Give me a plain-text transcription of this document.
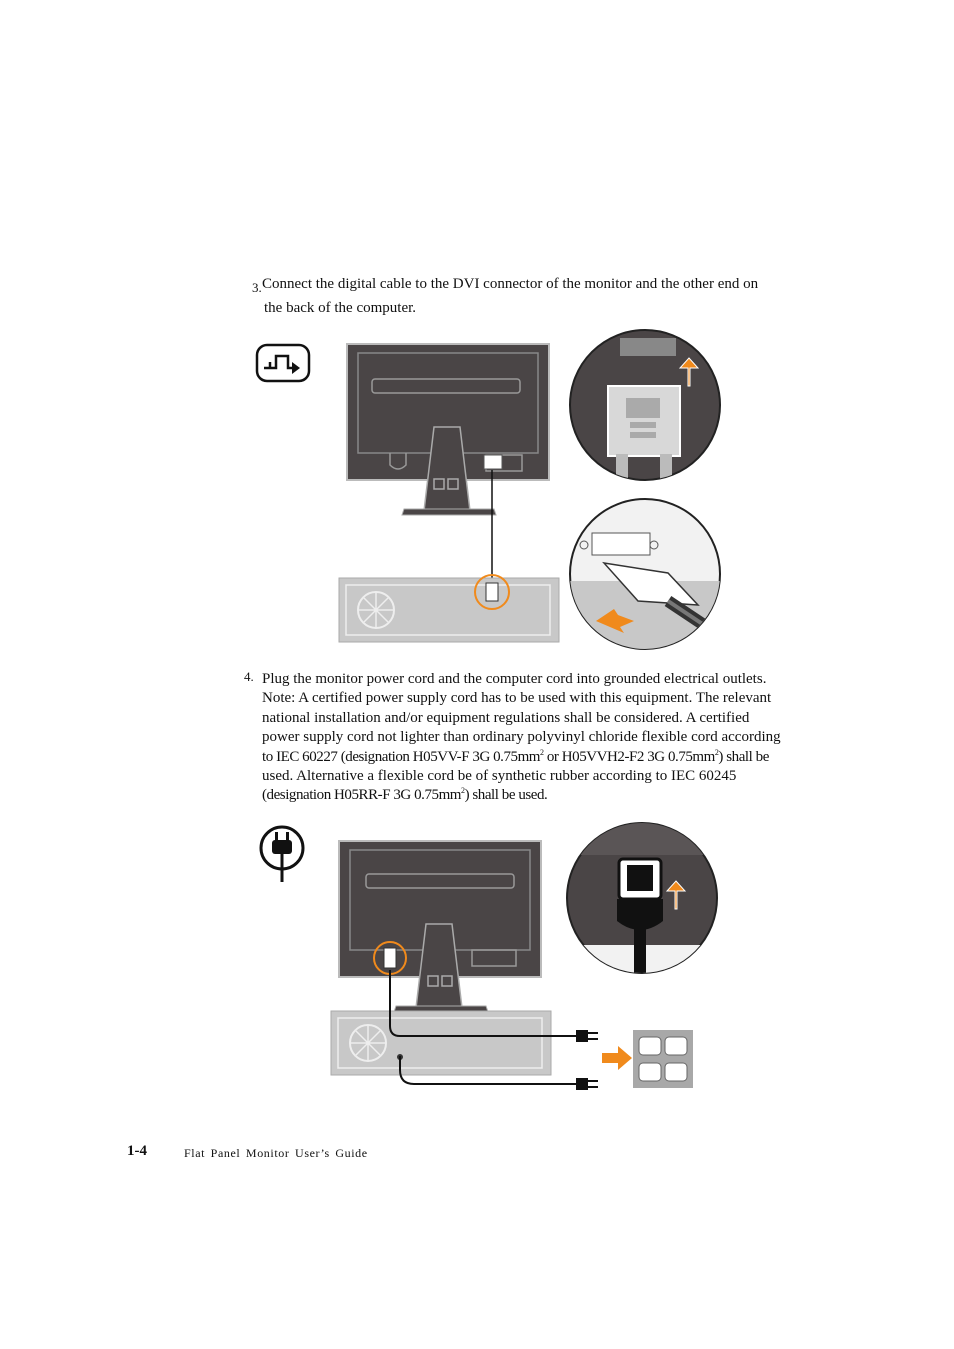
3. Connect the digital cable to the DVI connector of the monitor and the other end on
the back of the computer.
4. Plug the monitor power cord and the computer cord into grounded electrical outlets.

Note: A certified power supply cord has to be used with this equipment. The relevant

national installation and/or equipment regulations shall be considered. A certified

power supply cord not lighter than ordinary polyvinyl chloride flexible cord according

to IEC 60227 (designation H05VV-F 3G $0.75mm^2$ or H05VVH2-F2 3G $0.75mm^2$) shall be

used. Alternative a flexible cord be of synthetic rubber according to IEC 60245

(designation H05RR-F 3G $0.75mm^2$) shall be used.

1-4	Flat Panel Monitor User’s Guide
